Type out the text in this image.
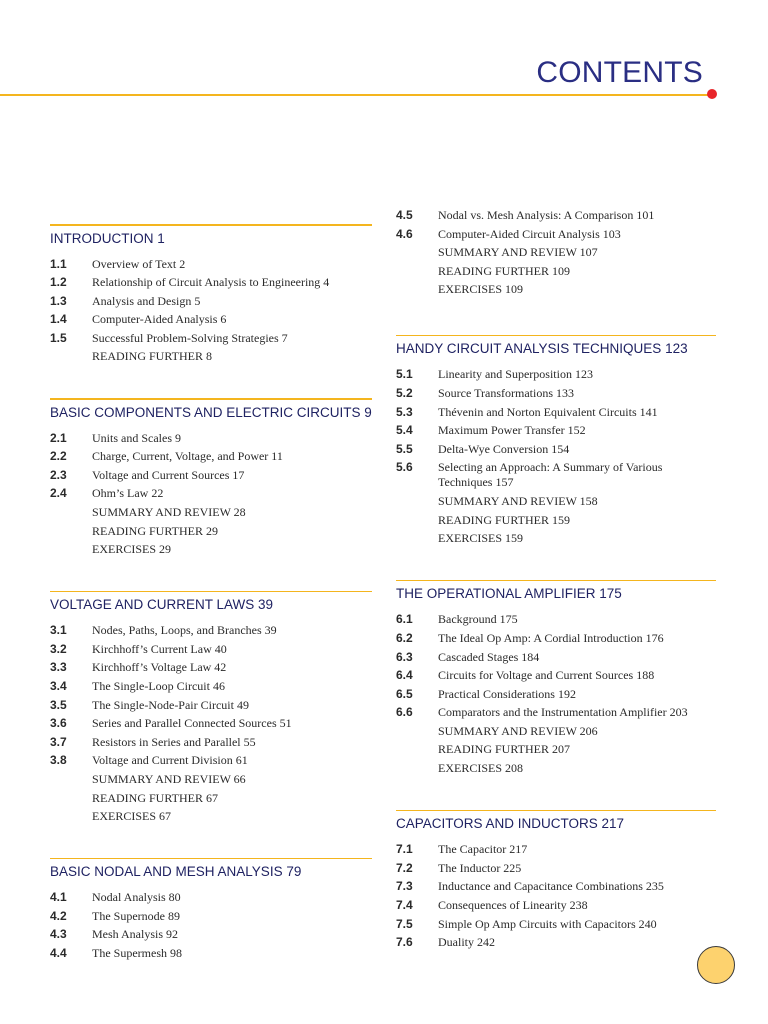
CONTENTS
INTRODUCTION 1
1.1	Overview of Text 2
1.2	Relationship of Circuit Analysis to Engineering 4
1.3	Analysis and Design 5
1.4	Computer-Aided Analysis 6
1.5	Successful Problem-Solving Strategies 7
READING FURTHER 8
BASIC COMPONENTS AND ELECTRIC CIRCUITS 9
2.1	Units and Scales 9
2.2	Charge, Current, Voltage, and Power 11
2.3	Voltage and Current Sources 17
2.4	Ohm’s Law 22
SUMMARY AND REVIEW 28
READING FURTHER 29
EXERCISES 29
VOLTAGE AND CURRENT LAWS 39
3.1	Nodes, Paths, Loops, and Branches 39
3.2	Kirchhoff’s Current Law 40
3.3	Kirchhoff’s Voltage Law 42
3.4	The Single-Loop Circuit 46
3.5	The Single-Node-Pair Circuit 49
3.6	Series and Parallel Connected Sources 51
3.7	Resistors in Series and Parallel 55
3.8	Voltage and Current Division 61
SUMMARY AND REVIEW 66
READING FURTHER 67
EXERCISES 67
BASIC NODAL AND MESH ANALYSIS 79
4.1	Nodal Analysis 80
4.2	The Supernode 89
4.3	Mesh Analysis 92
4.4	The Supermesh 98
4.5	Nodal vs. Mesh Analysis: A Comparison 101
4.6	Computer-Aided Circuit Analysis 103
SUMMARY AND REVIEW 107
READING FURTHER 109
EXERCISES 109
HANDY CIRCUIT ANALYSIS TECHNIQUES 123
5.1	Linearity and Superposition 123
5.2	Source Transformations 133
5.3	Thévenin and Norton Equivalent Circuits 141
5.4	Maximum Power Transfer 152
5.5	Delta-Wye Conversion 154
5.6	Selecting an Approach: A Summary of Various Techniques 157
SUMMARY AND REVIEW 158
READING FURTHER 159
EXERCISES 159
THE OPERATIONAL AMPLIFIER 175
6.1	Background 175
6.2	The Ideal Op Amp: A Cordial Introduction 176
6.3	Cascaded Stages 184
6.4	Circuits for Voltage and Current Sources 188
6.5	Practical Considerations 192
6.6	Comparators and the Instrumentation Amplifier 203
SUMMARY AND REVIEW 206
READING FURTHER 207
EXERCISES 208
CAPACITORS AND INDUCTORS 217
7.1	The Capacitor 217
7.2	The Inductor 225
7.3	Inductance and Capacitance Combinations 235
7.4	Consequences of Linearity 238
7.5	Simple Op Amp Circuits with Capacitors 240
7.6	Duality 242
